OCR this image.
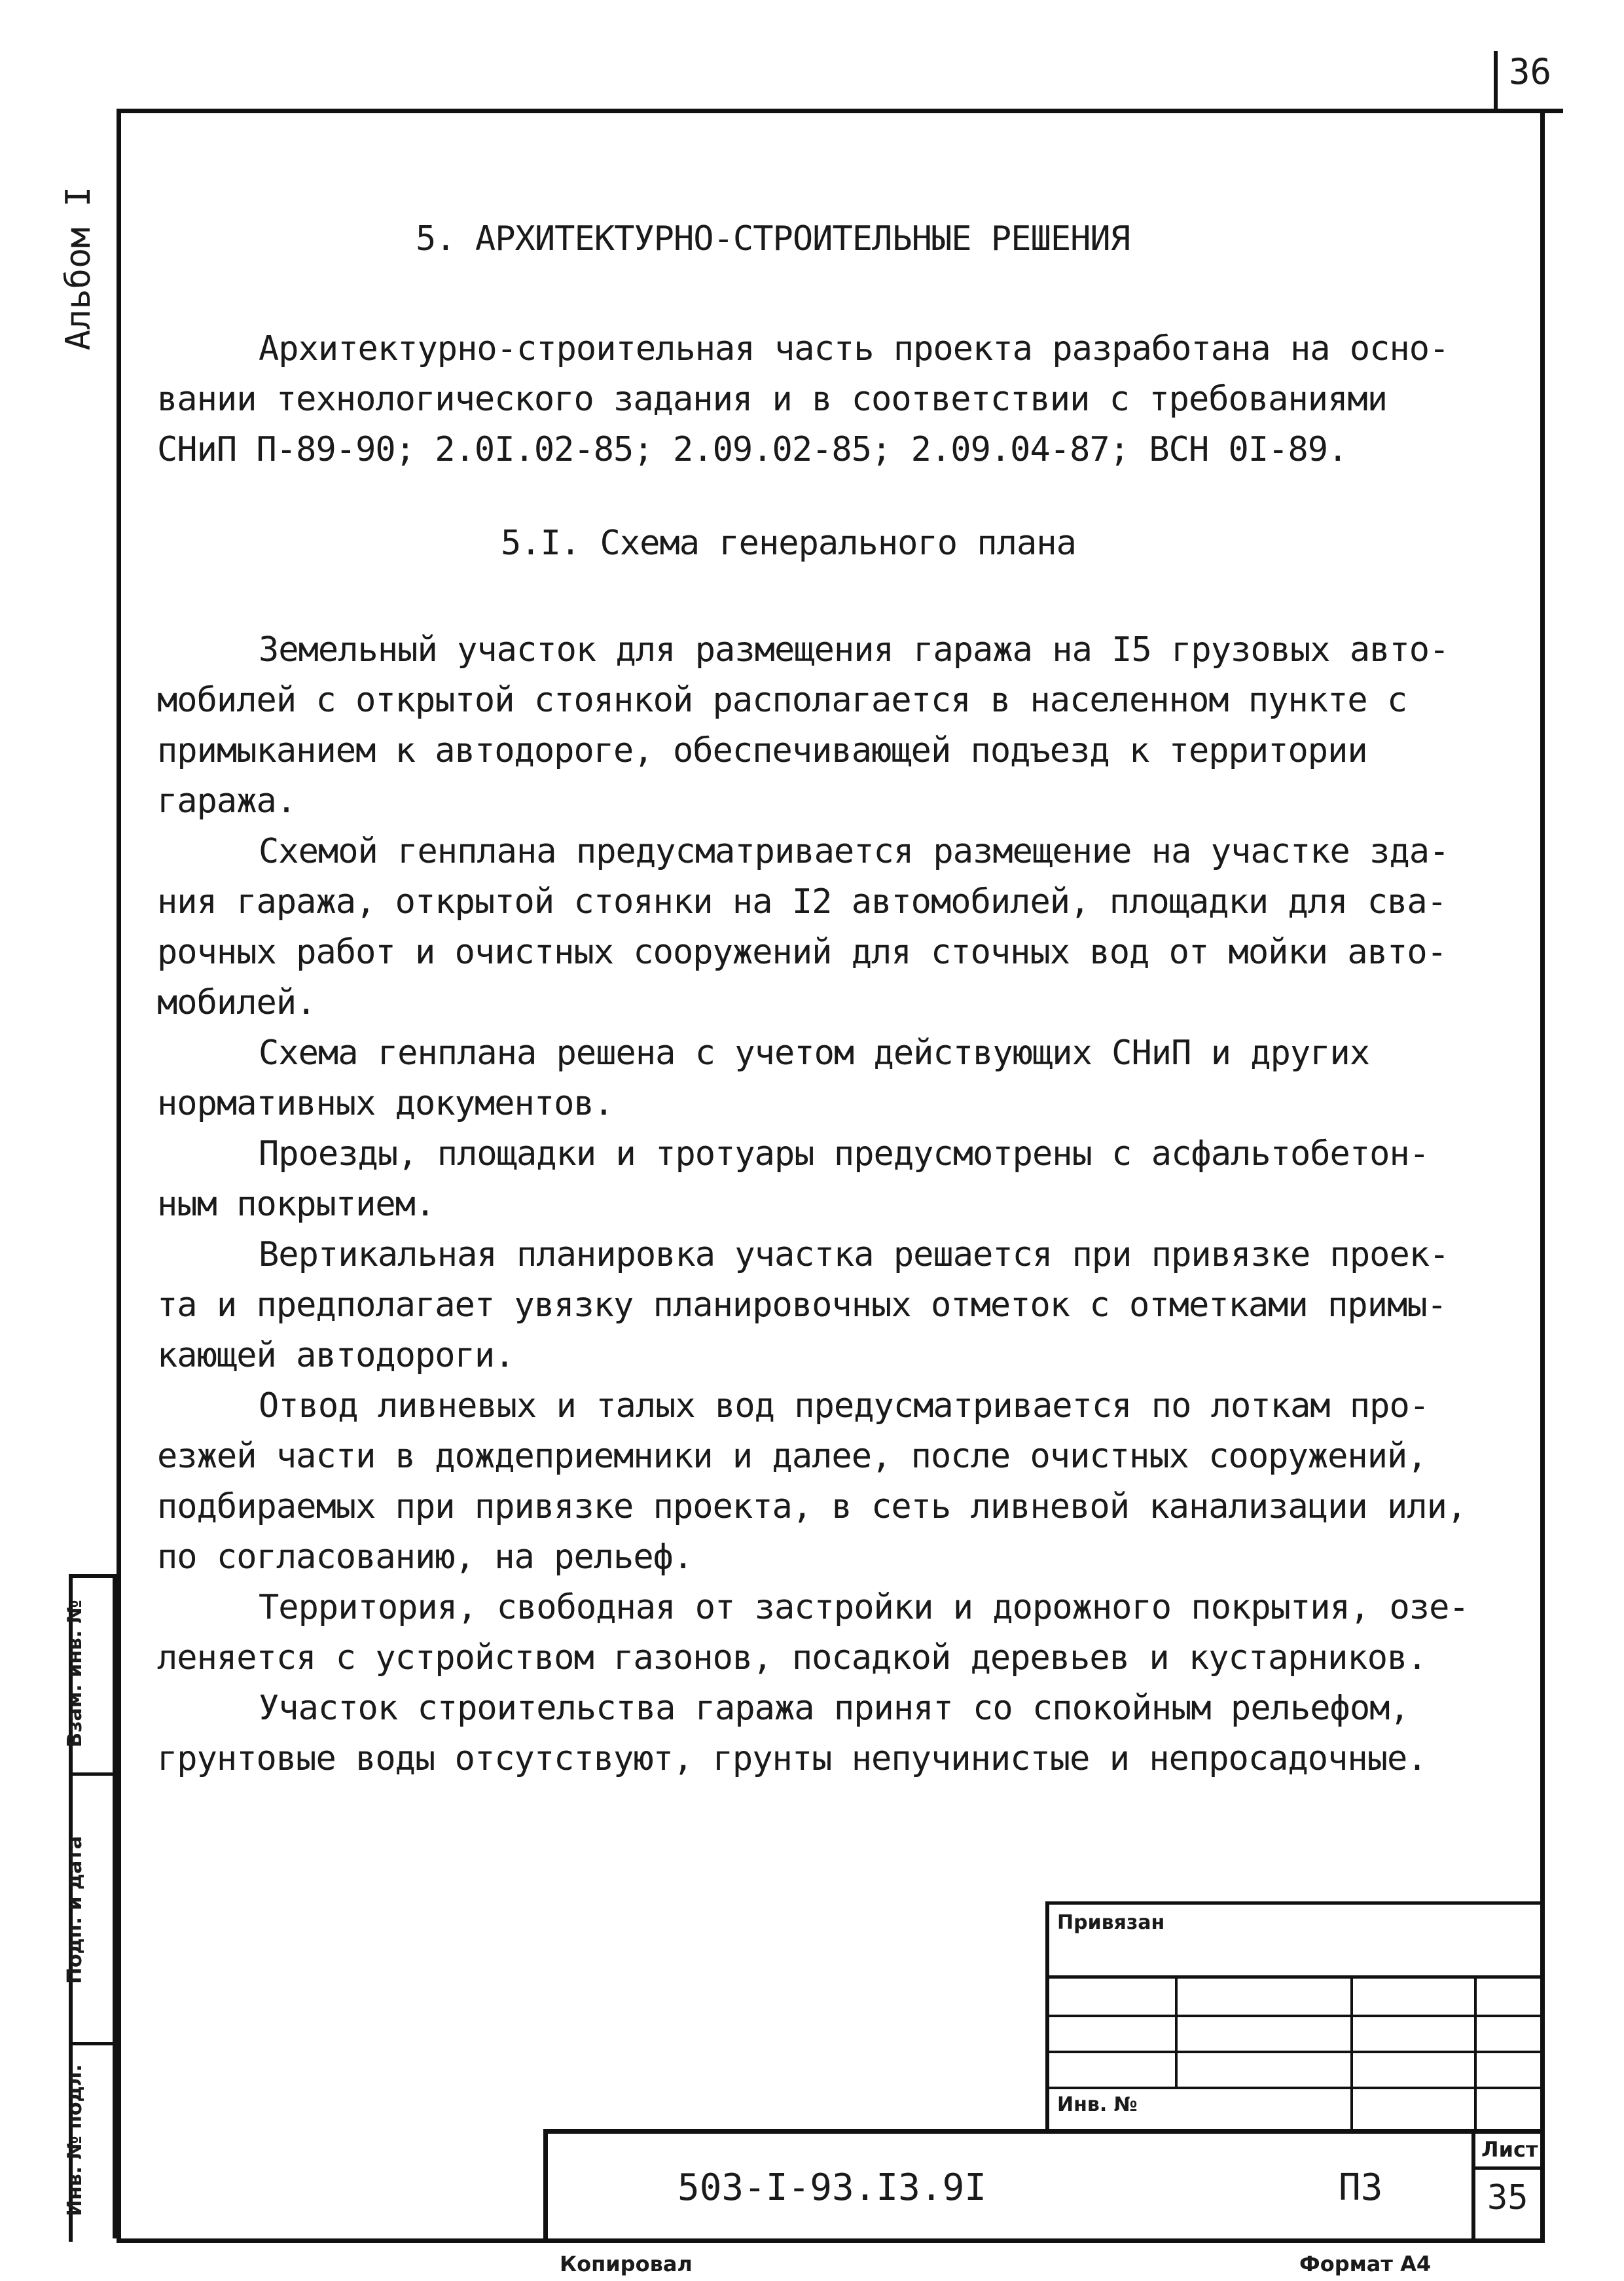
36
Альбом I	5. АРХИТЕКТУРНО-СТРОИТЕЛЬНЫЕ РЕШЕНИЯ

Архитектурно-строительная часть проекта разработана на осно-

вании технологического задания и в соответствии с требованиями

СНиП П-89-90; 2.0I.02-85; 2.09.02-85; 2.09.04-87; ВСН 0I-89.

5.I. Схема генерального плана

Земельный участок для размещения гаража на I5 грузовых авто-

мобилей с открытой стоянкой располагается в населенном пункте с

примыканием к автодороге, обеспечивающей подъезд к территории

гаража.

Схемой генплана предусматривается размещение на участке зда-

ния гаража, открытой стоянки на I2 автомобилей, площадки для сва-

рочных работ и очистных сооружений для сточных вод от мойки авто-

мобилей.

Схема генплана решена с учетом действующих СНиП и других

нормативных документов.

Проезды, площадки и тротуары предусмотрены с асфальтобетон-

ным покрытием.

Вертикальная планировка участка решается при привязке проек-

та и предполагает увязку планировочных отметок с отметками примы-

кающей автодороги.

Отвод ливневых и талых вод предусматривается по лоткам про-

езжей части в дождеприемники и далее, после очистных сооружений,

подбираемых при привязке проекта, в сеть ливневой канализации или,

по согласованию, на рельеф.

Территория, свободная от застройки и дорожного покрытия, озе-

леняется с устройством газонов, посадкой деревьев и кустарников.

Участок строительства гаража принят со спокойным рельефом,

грунтовые воды отсутствуют, грунты непучинистые и непросадочные.

Взам. инв. №
Подп. и дата
Инв. № подл.
Привязан
Инв. №
503-I-93.I3.9I	ПЗ
Лист
35
Копировал	Формат А4
